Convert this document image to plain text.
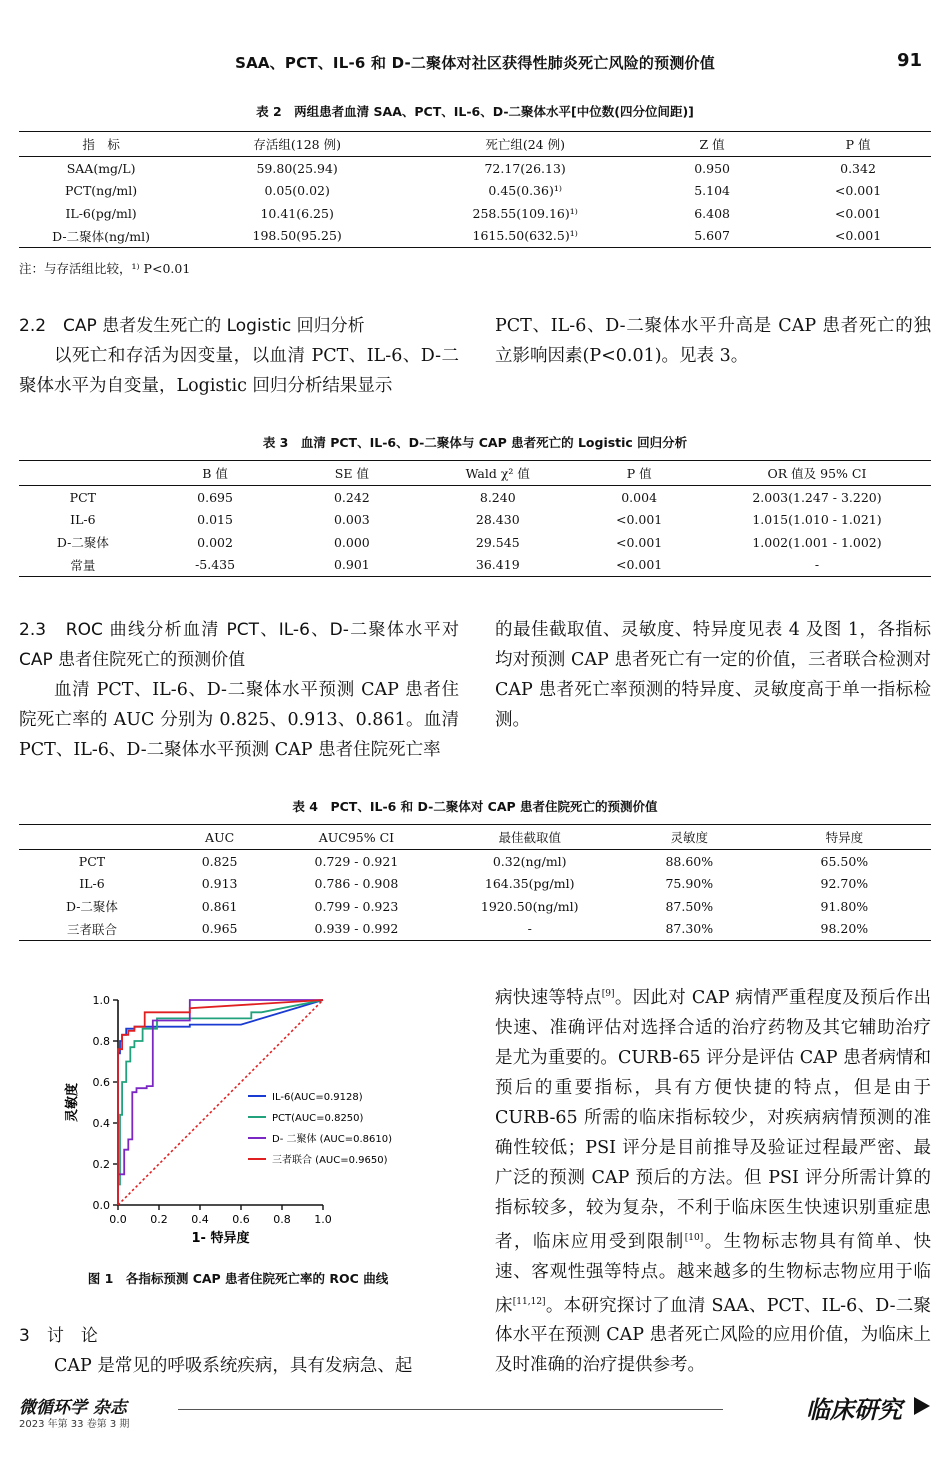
SAA、PCT、IL-6 和 D-二聚体对社区获得性肺炎死亡风险的预测价值	91
表 2　两组患者血清 SAA、PCT、IL-6、D-二聚体水平[中位数(四分位间距)]
指　标	存活组(128 例)	死亡组(24 例)	Z 值	P 值
SAA(mg/L)	59.80(25.94)	72.17(26.13)	0.950	0.342
PCT(ng/ml)	0.05(0.02)	0.45(0.36)¹⁾	5.104	<0.001
IL-6(pg/ml)	10.41(6.25)	258.55(109.16)¹⁾	6.408	<0.001
D-二聚体(ng/ml)	198.50(95.25)	1615.50(632.5)¹⁾	5.607	<0.001
注：与存活组比较，¹⁾ P<0.01

2.2　CAP 患者发生死亡的 Logistic 回归分析

以死亡和存活为因变量，以血清 PCT、IL-6、D-二聚体水平为自变量，Logistic 回归分析结果显示

PCT、IL-6、D-二聚体水平升高是 CAP 患者死亡的独立影响因素(P<0.01)。见表 3。

表 3　血清 PCT、IL-6、D-二聚体与 CAP 患者死亡的 Logistic 回归分析
	B 值	SE 值	Wald χ² 值	P 值	OR 值及 95% CI
PCT	0.695	0.242	8.240	0.004	2.003(1.247 - 3.220)
IL-6	0.015	0.003	28.430	<0.001	1.015(1.010 - 1.021)
D-二聚体	0.002	0.000	29.545	<0.001	1.002(1.001 - 1.002)
常量	-5.435	0.901	36.419	<0.001	-

2.3　ROC 曲线分析血清 PCT、IL-6、D-二聚体水平对 CAP 患者住院死亡的预测价值

血清 PCT、IL-6、D-二聚体水平预测 CAP 患者住院死亡率的 AUC 分别为 0.825、0.913、0.861。血清 PCT、IL-6、D-二聚体水平预测 CAP 患者住院死亡率

的最佳截取值、灵敏度、特异度见表 4 及图 1，各指标均对预测 CAP 患者死亡有一定的价值，三者联合检测对 CAP 患者死亡率预测的特异度、灵敏度高于单一指标检测。

表 4　PCT、IL-6 和 D-二聚体对 CAP 患者住院死亡的预测价值
	AUC	AUC95% CI	最佳截取值	灵敏度	特异度
PCT	0.825	0.729 - 0.921	0.32(ng/ml)	88.60%	65.50%
IL-6	0.913	0.786 - 0.908	164.35(pg/ml)	75.90%	92.70%
D-二聚体	0.861	0.799 - 0.923	1920.50(ng/ml)	87.50%	91.80%
三者联合	0.965	0.939 - 0.992	-	87.30%	98.20%
0.0
0.2
0.4
0.6
0.8
1.0
0.0 0.2 0.4 0.6 0.8 1.0
1- 特异度
灵敏度	IL-6(AUC=0.9128)
PCT(AUC=0.8250)
D- 二聚体 (AUC=0.8610)
三者联合 (AUC=0.9650)
图 1　各指标预测 CAP 患者住院死亡率的 ROC 曲线

3　讨　论

CAP 是常见的呼吸系统疾病，具有发病急、起

病快速等特点[9]。因此对 CAP 病情严重程度及预后作出快速、准确评估对选择合适的治疗药物及其它辅助治疗是尤为重要的。CURB-65 评分是评估 CAP 患者病情和预后的重要指标，具有方便快捷的特点，但是由于 CURB-65 所需的临床指标较少，对疾病病情预测的准确性较低；PSI 评分是目前推导及验证过程最严密、最广泛的预测 CAP 预后的方法。但 PSI 评分所需计算的指标较多，较为复杂，不利于临床医生快速识别重症患者，临床应用受到限制[10]。生物标志物具有简单、快速、客观性强等特点。越来越多的生物标志物应用于临床[11,12]。本研究探讨了血清 SAA、PCT、IL-6、D-二聚体水平在预测 CAP 患者死亡风险的应用价值，为临床上及时准确的治疗提供参考。

微循环学 杂志
2023 年第 33 卷第 3 期
临床研究
